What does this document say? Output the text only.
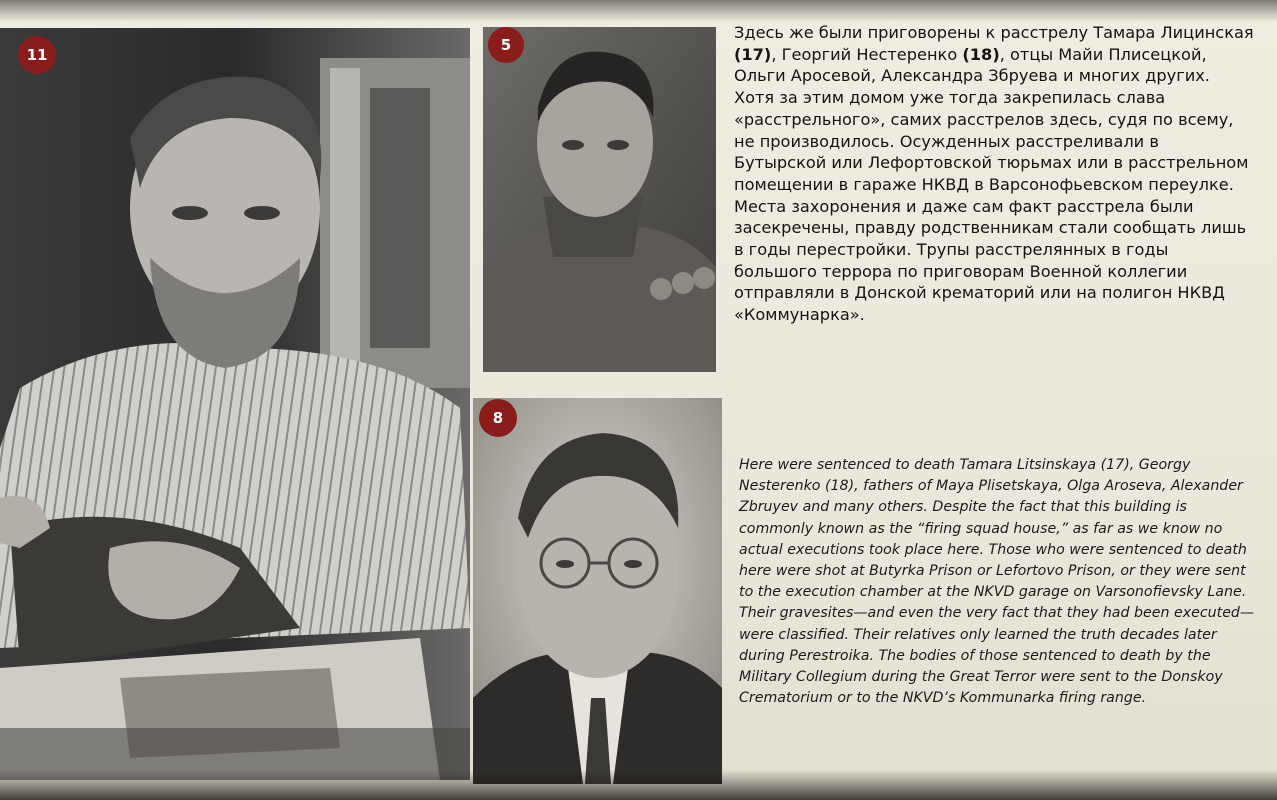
11
5
8

Здесь же были приговорены к расстрелу Тамара Лицинская (17), Георгий Нестеренко (18), отцы Майи Плисецкой, Ольги Аросевой, Александра Збруева и многих других.

Хотя за этим домом уже тогда закрепилась слава «расстрельного», самих расстрелов здесь, судя по всему, не производилось. Осужденных расстреливали в Бутырской или Лефортовской тюрьмах или в расстрельном помещении в гараже НКВД в Варсонофьевском переулке. Места захоронения и даже сам факт расстрела были засекречены, правду родственникам стали сообщать лишь в годы перестройки. Трупы расстрелянных в годы большого террора по приговорам Военной коллегии отправляли в Донской крематорий или на полигон НКВД «Коммунарка».

Here were sentenced to death Tamara Litsinskaya (17), Georgy Nesterenko (18), fathers of Maya Plisetskaya, Olga Aroseva, Alexander Zbruyev and many others. Despite the fact that this building is commonly known as the “firing squad house,” as far as we know no actual executions took place here. Those who were sentenced to death here were shot at Butyrka Prison or Lefortovo Prison, or they were sent to the execution chamber at the NKVD garage on Varsonofievsky Lane. Their gravesites—and even the very fact that they had been executed—were classified. Their relatives only learned the truth decades later during Perestroika. The bodies of those sentenced to death by the Military Collegium during the Great Terror were sent to the Donskoy Crematorium or to the NKVD’s Kommunarka firing range.
